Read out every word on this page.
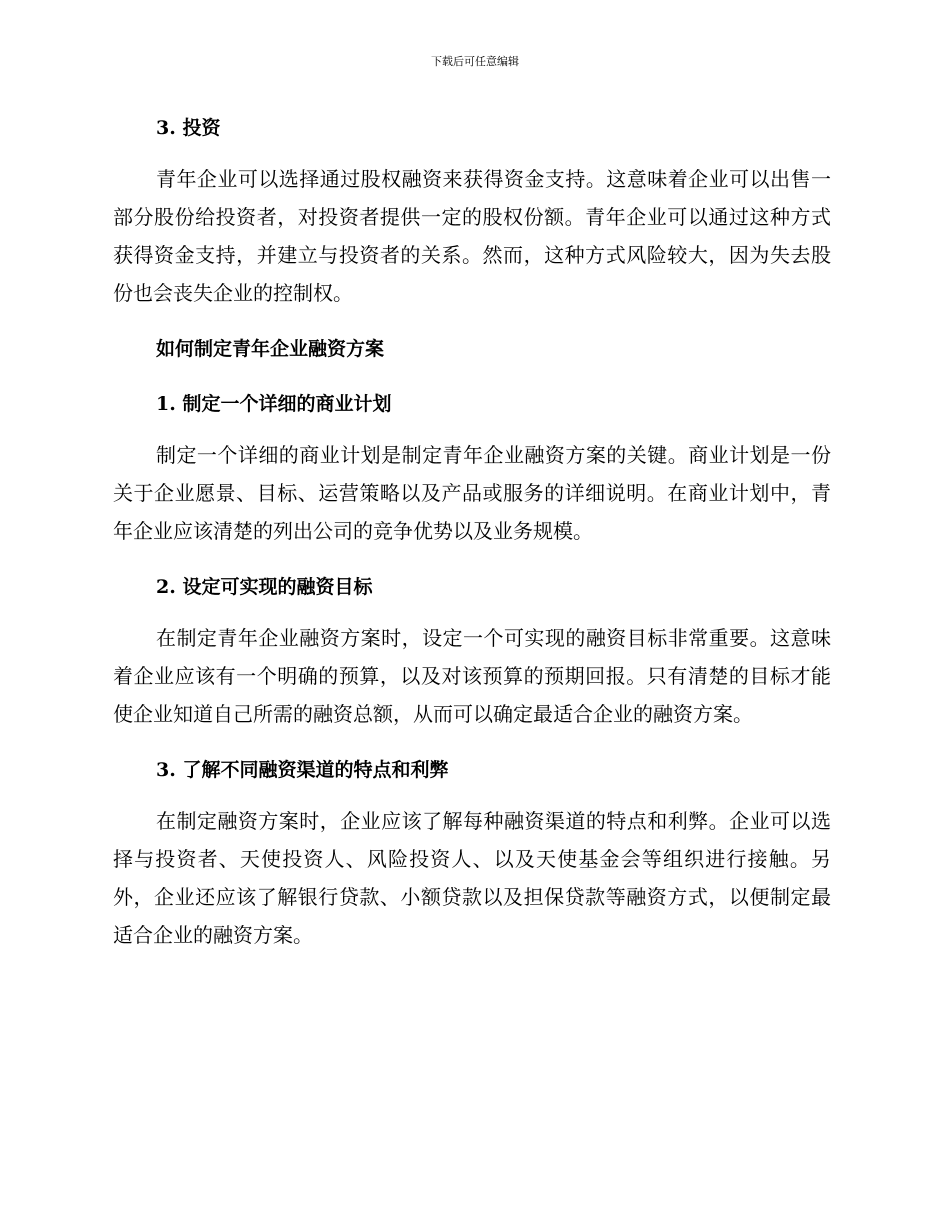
下载后可任意编辑
3. 投资

青年企业可以选择通过股权融资来获得资金支持。这意味着企业可以出售一部分股份给投资者，对投资者提供一定的股权份额。青年企业可以通过这种方式获得资金支持，并建立与投资者的关系。然而，这种方式风险较大，因为失去股份也会丧失企业的控制权。

如何制定青年企业融资方案
1. 制定一个详细的商业计划

制定一个详细的商业计划是制定青年企业融资方案的关键。商业计划是一份关于企业愿景、目标、运营策略以及产品或服务的详细说明。在商业计划中，青年企业应该清楚的列出公司的竞争优势以及业务规模。

2. 设定可实现的融资目标

在制定青年企业融资方案时，设定一个可实现的融资目标非常重要。这意味着企业应该有一个明确的预算，以及对该预算的预期回报。只有清楚的目标才能使企业知道自己所需的融资总额，从而可以确定最适合企业的融资方案。

3. 了解不同融资渠道的特点和利弊

在制定融资方案时，企业应该了解每种融资渠道的特点和利弊。企业可以选择与投资者、天使投资人、风险投资人、以及天使基金会等组织进行接触。另外，企业还应该了解银行贷款、小额贷款以及担保贷款等融资方式，以便制定最适合企业的融资方案。
